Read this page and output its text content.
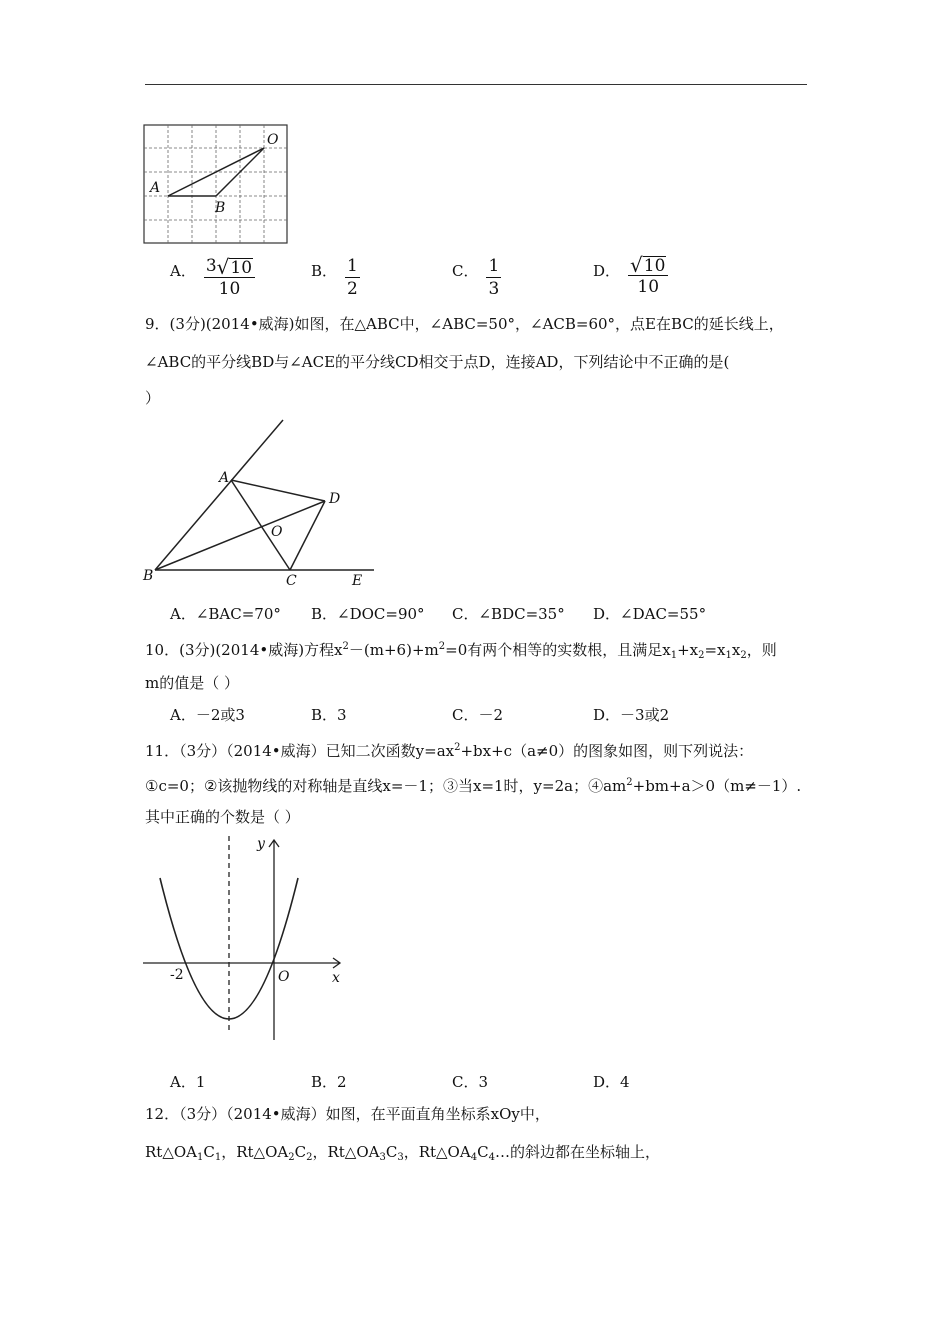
O
A
B
A． $\frac{3 √ 10}{10}$	B． $\frac{1}{2}$	C． $\frac{1}{3}$	D． $\frac{√ 10}{10}$
9．(3分)(2014•威海)如图，在△ABC中，∠ABC=50°，∠ACB=60°，点E在BC的延长线上，
∠ABC的平分线BD与∠ACE的平分线CD相交于点D，连接AD，下列结论中不正确的是(
）
A
B	C
D
E
O
A．∠BAC=70° B．∠DOC=90° C．∠BDC=35° D．∠DAC=55°
10．(3分)(2014•威海)方程$x^2-(m+6)+m^2=0$有两个相等的实数根，且满足$x_1+x_2=x_1x_2$，则
m的值是（ ）
A．－2或3	B．3	C．－2	D．－3或2
11．（3分）（2014•威海）已知二次函数$y=ax^2+bx+c(a\ne 0)$的图象如图，则下列说法：
①c=0；②该抛物线的对称轴是直线x=－1；③当x=1时，y=2a；$④am^2+bm+a>0(m\ne-1)$.
其中正确的个数是（ ）
y
x
O
-2
A．1	B．2	C．3	D．4
12．（3分）（2014•威海）如图，在平面直角坐标系xOy中，
$Rt\triangle OA_1C_1$，$Rt\triangle OA_2C_2$，$Rt\triangle OA_3C_3$，$Rt\triangle OA_4C_4\dots$的斜边都在坐标轴上，
